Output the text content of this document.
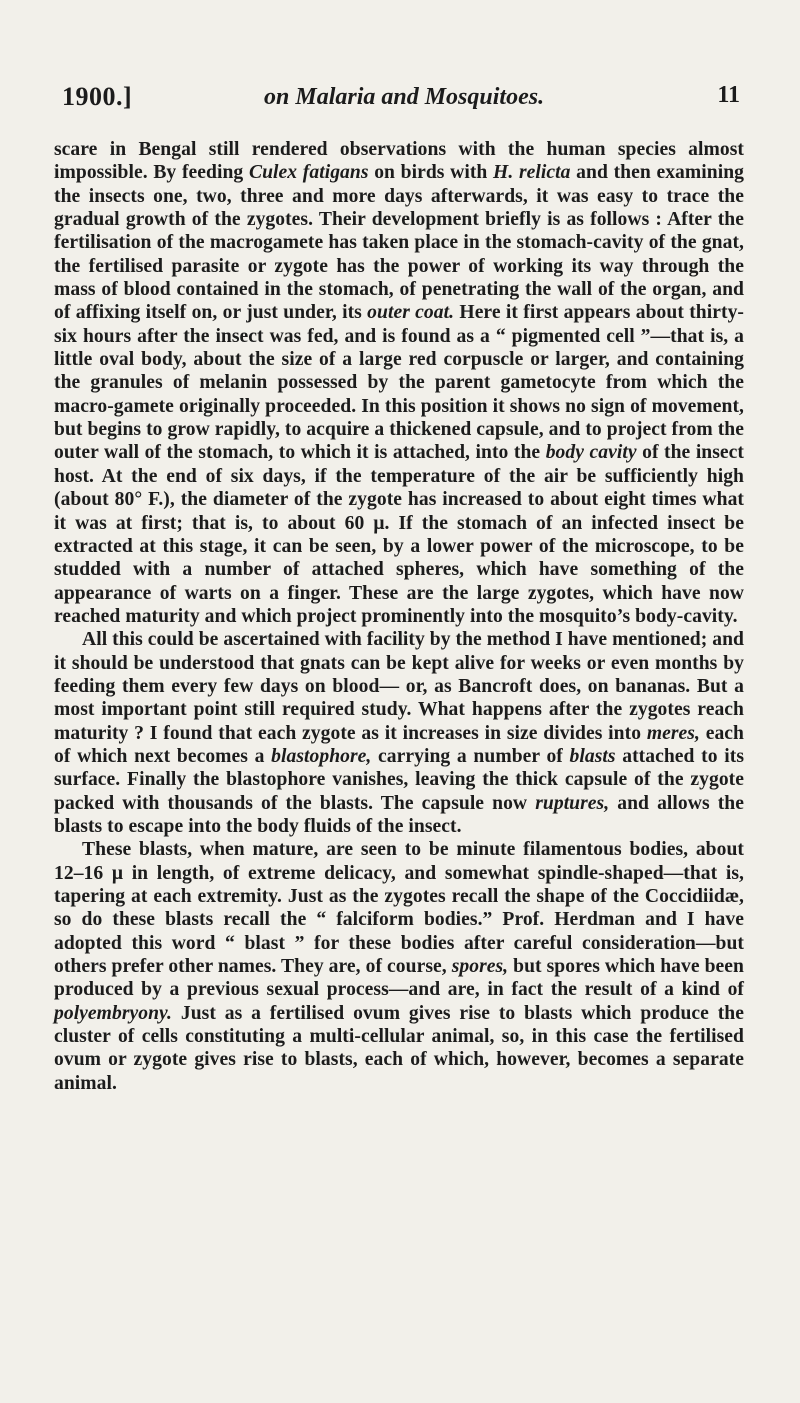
1900.]	on Malaria and Mosquitoes.	11

scare in Bengal still rendered observations with the human species almost impossible. By feeding Culex fatigans on birds with H. relicta and then examining the insects one, two, three and more days afterwards, it was easy to trace the gradual growth of the zygotes. Their development briefly is as follows : After the fertilisation of the macrogamete has taken place in the stomach-cavity of the gnat, the fertilised parasite or zygote has the power of working its way through the mass of blood contained in the stomach, of penetrating the wall of the organ, and of affixing itself on, or just under, its outer coat. Here it first appears about thirty-six hours after the insect was fed, and is found as a “ pigmented cell ”—that is, a little oval body, about the size of a large red corpuscle or larger, and containing the granules of melanin possessed by the parent gametocyte from which the macro-gamete originally proceeded. In this position it shows no sign of movement, but begins to grow rapidly, to acquire a thickened capsule, and to project from the outer wall of the stomach, to which it is attached, into the body cavity of the insect host. At the end of six days, if the temperature of the air be sufficiently high (about 80° F.), the diameter of the zygote has increased to about eight times what it was at first; that is, to about 60 μ. If the stomach of an infected insect be extracted at this stage, it can be seen, by a lower power of the microscope, to be studded with a number of attached spheres, which have something of the appearance of warts on a finger. These are the large zygotes, which have now reached maturity and which project prominently into the mosquito’s body-cavity.

All this could be ascertained with facility by the method I have mentioned; and it should be understood that gnats can be kept alive for weeks or even months by feeding them every few days on blood— or, as Bancroft does, on bananas. But a most important point still required study. What happens after the zygotes reach maturity ? I found that each zygote as it increases in size divides into meres, each of which next becomes a blastophore, carrying a number of blasts attached to its surface. Finally the blastophore vanishes, leaving the thick capsule of the zygote packed with thousands of the blasts. The capsule now ruptures, and allows the blasts to escape into the body fluids of the insect.

These blasts, when mature, are seen to be minute filamentous bodies, about 12–16 μ in length, of extreme delicacy, and somewhat spindle-shaped—that is, tapering at each extremity. Just as the zygotes recall the shape of the Coccidiidæ, so do these blasts recall the “ falciform bodies.” Prof. Herdman and I have adopted this word “ blast ” for these bodies after careful consideration—but others prefer other names. They are, of course, spores, but spores which have been produced by a previous sexual process—and are, in fact the result of a kind of polyembryony. Just as a fertilised ovum gives rise to blasts which produce the cluster of cells constituting a multi-cellular animal, so, in this case the fertilised ovum or zygote gives rise to blasts, each of which, however, becomes a separate animal.
